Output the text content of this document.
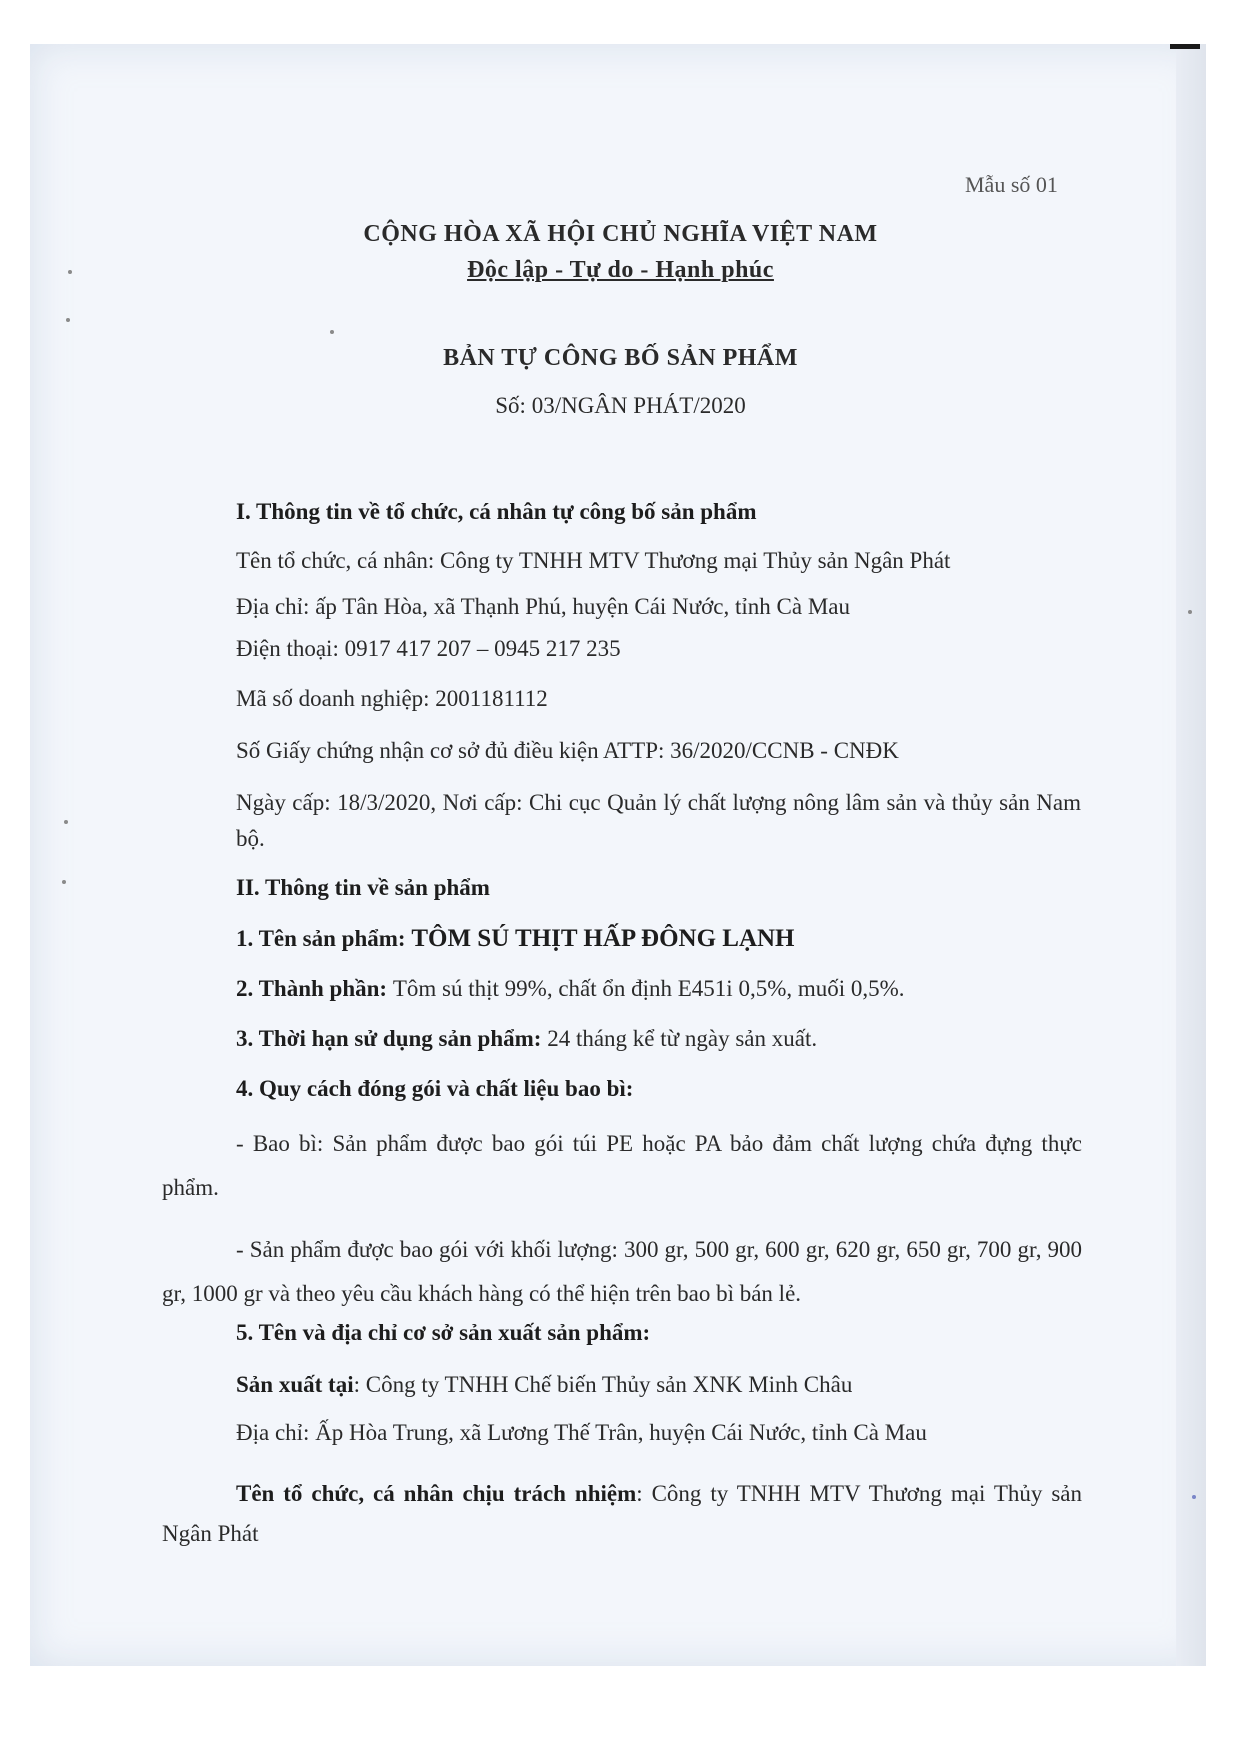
Mẫu số 01
CỘNG HÒA XÃ HỘI CHỦ NGHĨA VIỆT NAM
Độc lập - Tự do - Hạnh phúc
BẢN TỰ CÔNG BỐ SẢN PHẨM
Số: 03/NGÂN PHÁT/2020
I. Thông tin về tổ chức, cá nhân tự công bố sản phẩm
Tên tổ chức, cá nhân: Công ty TNHH MTV Thương mại Thủy sản Ngân Phát
Địa chỉ: ấp Tân Hòa, xã Thạnh Phú, huyện Cái Nước, tỉnh Cà Mau
Điện thoại: 0917 417 207 – 0945 217 235
Mã số doanh nghiệp: 2001181112
Số Giấy chứng nhận cơ sở đủ điều kiện ATTP: 36/2020/CCNB - CNĐK
Ngày cấp: 18/3/2020, Nơi cấp: Chi cục Quản lý chất lượng nông lâm sản và thủy sản Nam bộ.
II. Thông tin về sản phẩm
1. Tên sản phẩm: TÔM SÚ THỊT HẤP ĐÔNG LẠNH
2. Thành phần: Tôm sú thịt 99%, chất ổn định E451i 0,5%, muối 0,5%.
3. Thời hạn sử dụng sản phẩm: 24 tháng kể từ ngày sản xuất.
4. Quy cách đóng gói và chất liệu bao bì:
- Bao bì: Sản phẩm được bao gói túi PE hoặc PA bảo đảm chất lượng chứa đựng thực phẩm.
- Sản phẩm được bao gói với khối lượng: 300 gr, 500 gr, 600 gr, 620 gr, 650 gr, 700 gr, 900 gr, 1000 gr và theo yêu cầu khách hàng có thể hiện trên bao bì bán lẻ.
5. Tên và địa chỉ cơ sở sản xuất sản phẩm:
Sản xuất tại: Công ty TNHH Chế biến Thủy sản XNK Minh Châu
Địa chỉ: Ấp Hòa Trung, xã Lương Thế Trân, huyện Cái Nước, tỉnh Cà Mau
Tên tổ chức, cá nhân chịu trách nhiệm: Công ty TNHH MTV Thương mại Thủy sản Ngân Phát
